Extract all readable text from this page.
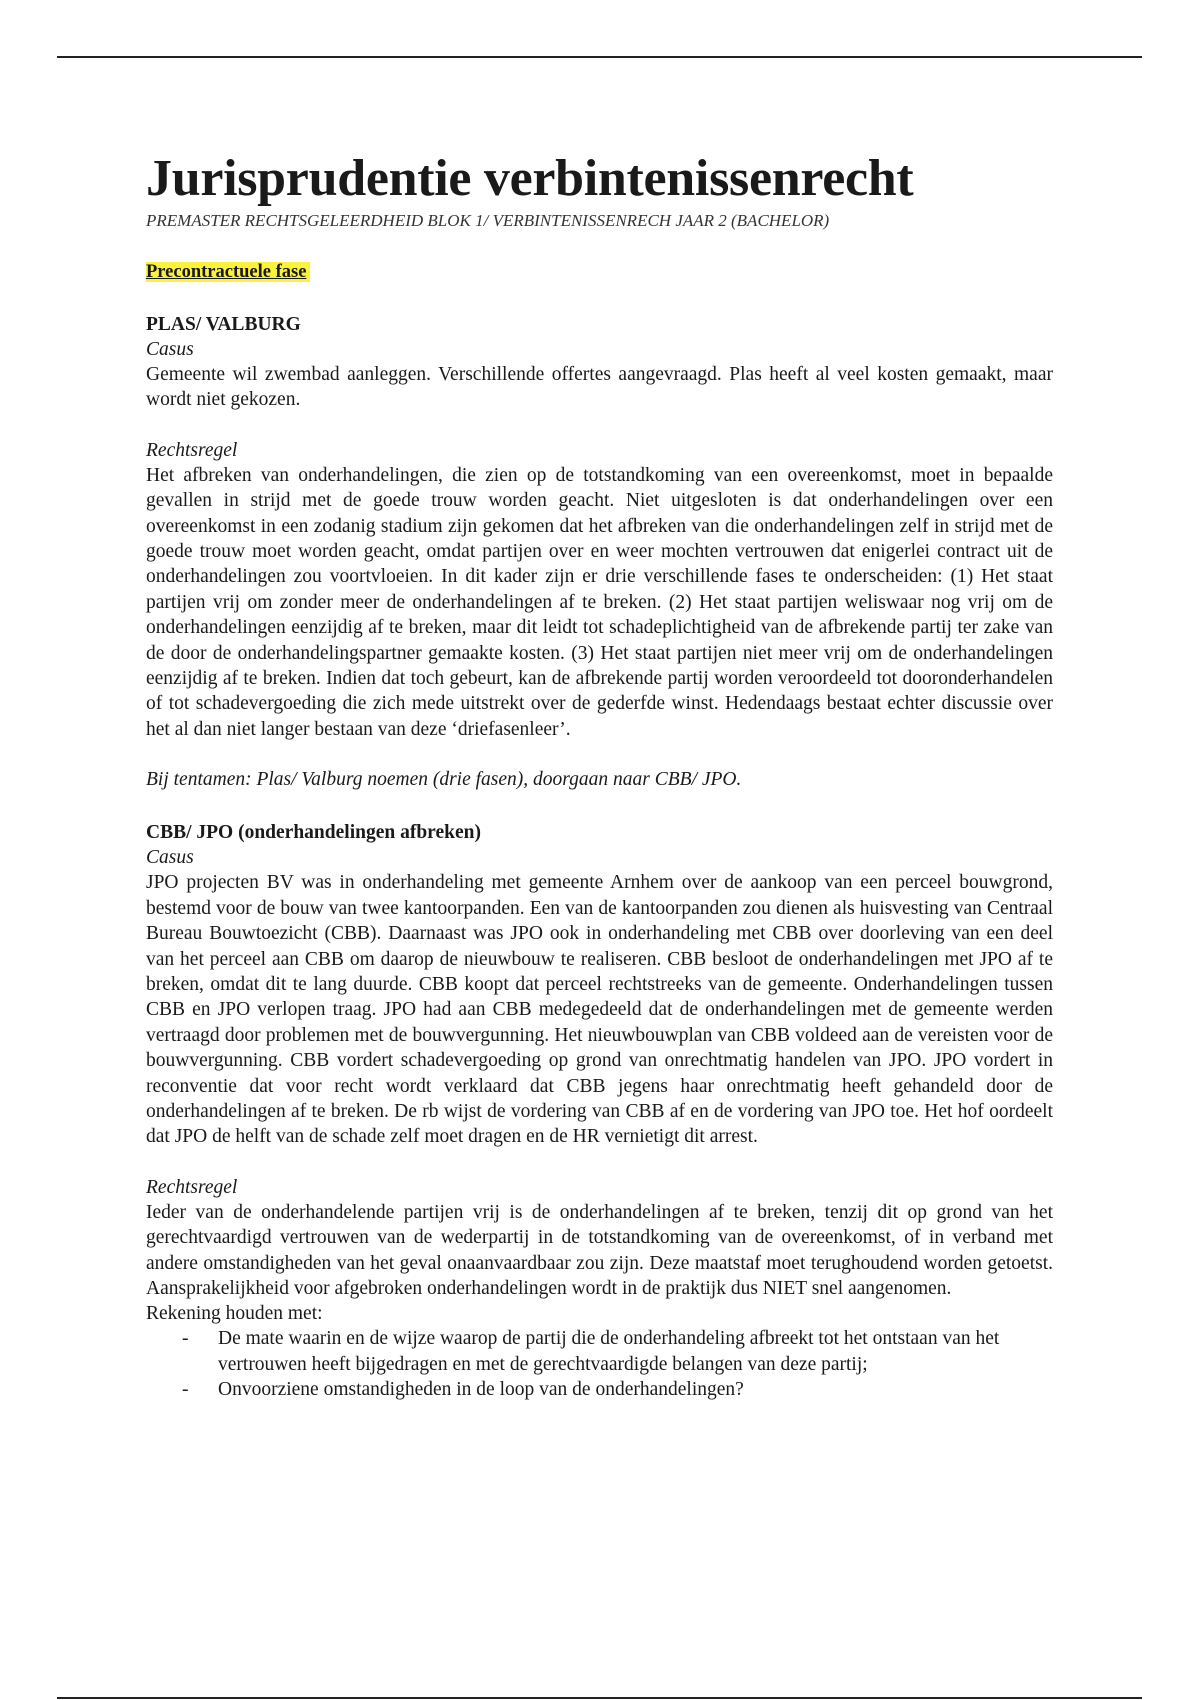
Jurisprudentie verbintenissenrecht
PREMASTER RECHTSGELEERDHEID BLOK 1/ VERBINTENISSENRECH JAAR 2 (BACHELOR)
Precontractuele fase
PLAS/ VALBURG
Casus

Gemeente wil zwembad aanleggen. Verschillende offertes aangevraagd. Plas heeft al veel kosten gemaakt, maar wordt niet gekozen.

Rechtsregel

Het afbreken van onderhandelingen, die zien op de totstandkoming van een overeenkomst, moet in bepaalde gevallen in strijd met de goede trouw worden geacht. Niet uitgesloten is dat onderhandelingen over een overeenkomst in een zodanig stadium zijn gekomen dat het afbreken van die onderhandelingen zelf in strijd met de goede trouw moet worden geacht, omdat partijen over en weer mochten vertrouwen dat enigerlei contract uit de onderhandelingen zou voortvloeien. In dit kader zijn er drie verschillende fases te onderscheiden: (1) Het staat partijen vrij om zonder meer de onderhandelingen af te breken. (2) Het staat partijen weliswaar nog vrij om de onderhandelingen eenzijdig af te breken, maar dit leidt tot schadeplichtigheid van de afbrekende partij ter zake van de door de onderhandelingspartner gemaakte kosten. (3) Het staat partijen niet meer vrij om de onderhandelingen eenzijdig af te breken. Indien dat toch gebeurt, kan de afbrekende partij worden veroordeeld tot dooronderhandelen of tot schadevergoeding die zich mede uitstrekt over de gederfde winst. Hedendaags bestaat echter discussie over het al dan niet langer bestaan van deze ‘driefasenleer’.

Bij tentamen: Plas/ Valburg noemen (drie fasen), doorgaan naar CBB/ JPO.
CBB/ JPO (onderhandelingen afbreken)
Casus

JPO projecten BV was in onderhandeling met gemeente Arnhem over de aankoop van een perceel bouwgrond, bestemd voor de bouw van twee kantoorpanden. Een van de kantoorpanden zou dienen als huisvesting van Centraal Bureau Bouwtoezicht (CBB). Daarnaast was JPO ook in onderhandeling met CBB over doorleving van een deel van het perceel aan CBB om daarop de nieuwbouw te realiseren. CBB besloot de onderhandelingen met JPO af te breken, omdat dit te lang duurde. CBB koopt dat perceel rechtstreeks van de gemeente. Onderhandelingen tussen CBB en JPO verlopen traag. JPO had aan CBB medegedeeld dat de onderhandelingen met de gemeente werden vertraagd door problemen met de bouwvergunning. Het nieuwbouwplan van CBB voldeed aan de vereisten voor de bouwvergunning. CBB vordert schadevergoeding op grond van onrechtmatig handelen van JPO. JPO vordert in reconventie dat voor recht wordt verklaard dat CBB jegens haar onrechtmatig heeft gehandeld door de onderhandelingen af te breken. De rb wijst de vordering van CBB af en de vordering van JPO toe. Het hof oordeelt dat JPO de helft van de schade zelf moet dragen en de HR vernietigt dit arrest.

Rechtsregel

Ieder van de onderhandelende partijen vrij is de onderhandelingen af te breken, tenzij dit op grond van het gerechtvaardigd vertrouwen van de wederpartij in de totstandkoming van de overeenkomst, of in verband met andere omstandigheden van het geval onaanvaardbaar zou zijn. Deze maatstaf moet terughoudend worden getoetst. Aansprakelijkheid voor afgebroken onderhandelingen wordt in de praktijk dus NIET snel aangenomen.

Rekening houden met:
- De mate waarin en de wijze waarop de partij die de onderhandeling afbreekt tot het ontstaan van het vertrouwen heeft bijgedragen en met de gerechtvaardigde belangen van deze partij;
- Onvoorziene omstandigheden in de loop van de onderhandelingen?
